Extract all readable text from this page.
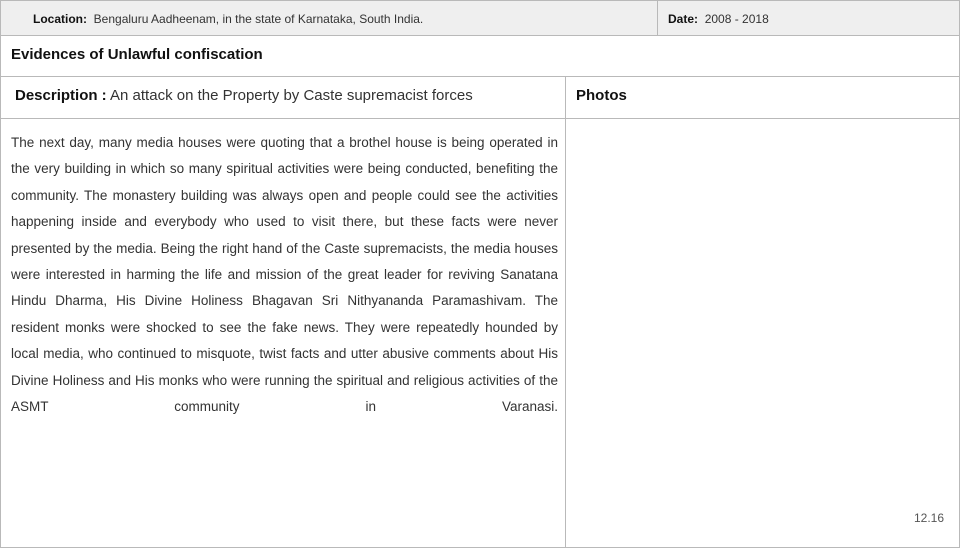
Location: Bengaluru Aadheenam, in the state of Karnataka, South India.	Date: 2008 - 2018
Evidences of Unlawful confiscation
Description : An attack on the Property by Caste supremacist forces	Photos

The next day, many media houses were quoting that a brothel house is being operated in the very building in which so many spiritual activities were being conducted, benefiting the community. The monastery building was always open and people could see the activities happening inside and everybody who used to visit there, but these facts were never presented by the media. Being the right hand of the Caste supremacists, the media houses were interested in harming the life and mission of the great leader for reviving Sanatana Hindu Dharma, His Divine Holiness Bhagavan Sri Nithyananda Paramashivam. The resident monks were shocked to see the fake news. They were repeatedly hounded by local media, who continued to misquote, twist facts and utter abusive comments about His Divine Holiness and His monks who were running the spiritual and religious activities of the ASMT community in Varanasi.

12.16
